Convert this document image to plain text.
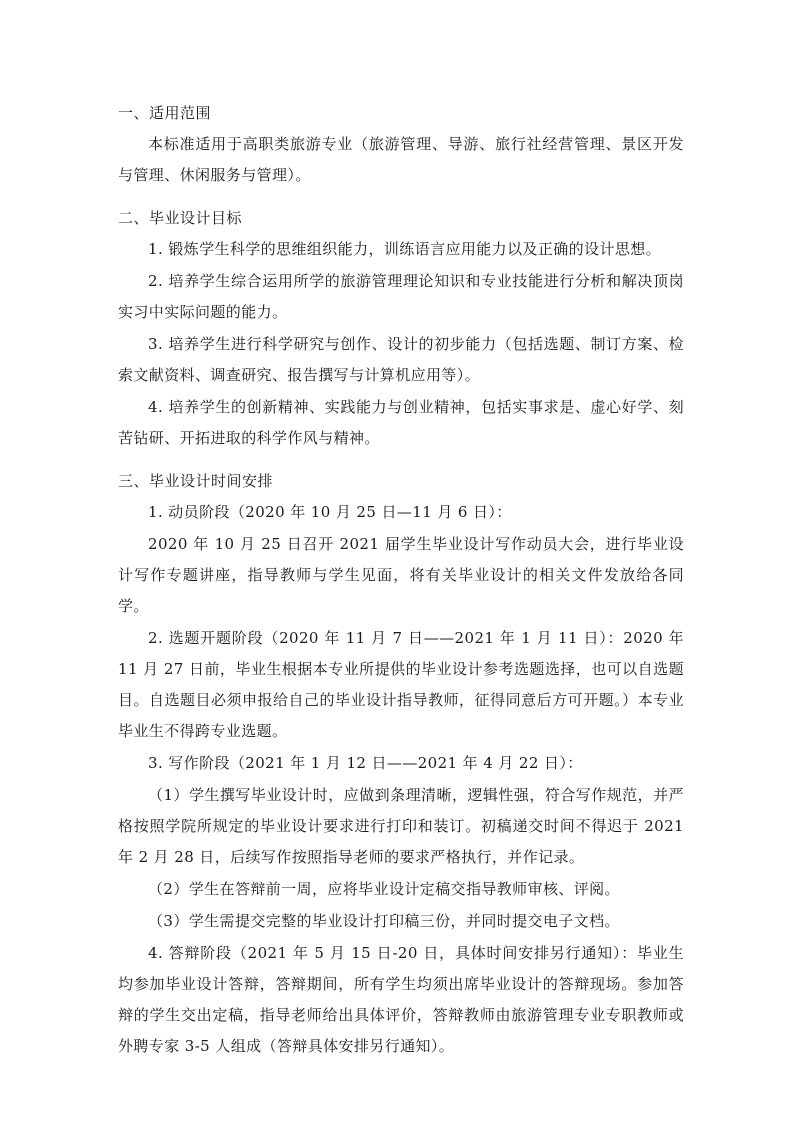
一、适用范围

本标准适用于高职类旅游专业（旅游管理、导游、旅行社经营管理、景区开发与管理、休闲服务与管理）。

二、毕业设计目标

1. 锻炼学生科学的思维组织能力，训练语言应用能力以及正确的设计思想。

2. 培养学生综合运用所学的旅游管理理论知识和专业技能进行分析和解决顶岗实习中实际问题的能力。

3. 培养学生进行科学研究与创作、设计的初步能力（包括选题、制订方案、检索文献资料、调查研究、报告撰写与计算机应用等）。

4. 培养学生的创新精神、实践能力与创业精神，包括实事求是、虚心好学、刻苦钻研、开拓进取的科学作风与精神。

三、毕业设计时间安排

1. 动员阶段（2020 年 10 月 25 日—11 月 6 日）：

2020 年 10 月 25 日召开 2021 届学生毕业设计写作动员大会，进行毕业设计写作专题讲座，指导教师与学生见面，将有关毕业设计的相关文件发放给各同学。

2. 选题开题阶段（2020 年 11 月 7 日——2021 年 1 月 11 日）：2020 年 11 月 27 日前，毕业生根据本专业所提供的毕业设计参考选题选择，也可以自选题目。自选题目必须申报给自己的毕业设计指导教师，征得同意后方可开题。）本专业毕业生不得跨专业选题。

3. 写作阶段（2021 年 1 月 12 日——2021 年 4 月 22 日）：

（1）学生撰写毕业设计时，应做到条理清晰，逻辑性强，符合写作规范，并严格按照学院所规定的毕业设计要求进行打印和装订。初稿递交时间不得迟于 2021 年 2 月 28 日，后续写作按照指导老师的要求严格执行，并作记录。

（2）学生在答辩前一周，应将毕业设计定稿交指导教师审核、评阅。

（3）学生需提交完整的毕业设计打印稿三份，并同时提交电子文档。

4. 答辩阶段（2021 年 5 月 15 日-20 日，具体时间安排另行通知）：毕业生均参加毕业设计答辩，答辩期间，所有学生均须出席毕业设计的答辩现场。参加答辩的学生交出定稿，指导老师给出具体评价，答辩教师由旅游管理专业专职教师或外聘专家 3-5 人组成（答辩具体安排另行通知）。
